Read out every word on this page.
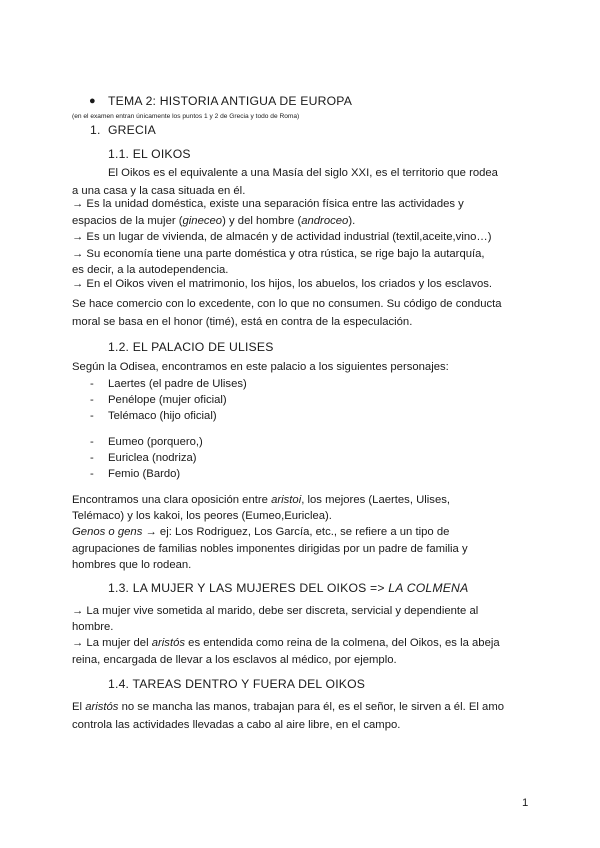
● TEMA 2: HISTORIA ANTIGUA DE EUROPA
(en el examen entran únicamente los puntos 1 y 2 de Grecia y todo de Roma)
1. GRECIA
1.1. EL OIKOS
El Oikos es el equivalente a una Masía del siglo XXI, es el territorio que rodea
a una casa y la casa situada en él.
→ Es la unidad doméstica, existe una separación física entre las actividades y
espacios de la mujer (gineceo) y del hombre (androceo).
→ Es un lugar de vivienda, de almacén y de actividad industrial (textil,aceite,vino…)
→ Su economía tiene una parte doméstica y otra rústica, se rige bajo la autarquía,
es decir, a la autodependencia.
→ En el Oikos viven el matrimonio, los hijos, los abuelos, los criados y los esclavos.
Se hace comercio con lo excedente, con lo que no consumen. Su código de conducta
moral se basa en el honor (timé), está en contra de la especulación.
1.2. EL PALACIO DE ULISES
Según la Odisea, encontramos en este palacio a los siguientes personajes:
- Laertes (el padre de Ulises)
- Penélope (mujer oficial)
- Telémaco (hijo oficial)
- Eumeo (porquero,)
- Euriclea (nodriza)
- Femio (Bardo)
Encontramos una clara oposición entre aristoi, los mejores (Laertes, Ulises,
Telémaco) y los kakoi, los peores (Eumeo,Euriclea).
Genos o gens → ej: Los Rodriguez, Los García, etc., se refiere a un tipo de
agrupaciones de familias nobles imponentes dirigidas por un padre de familia y
hombres que lo rodean.
1.3. LA MUJER Y LAS MUJERES DEL OIKOS => LA COLMENA
→ La mujer vive sometida al marido, debe ser discreta, servicial y dependiente al
hombre.
→ La mujer del aristós es entendida como reina de la colmena, del Oikos, es la abeja
reina, encargada de llevar a los esclavos al médico, por ejemplo.
1.4. TAREAS DENTRO Y FUERA DEL OIKOS
El aristós no se mancha las manos, trabajan para él, es el señor, le sirven a él. El amo
controla las actividades llevadas a cabo al aire libre, en el campo.
1
